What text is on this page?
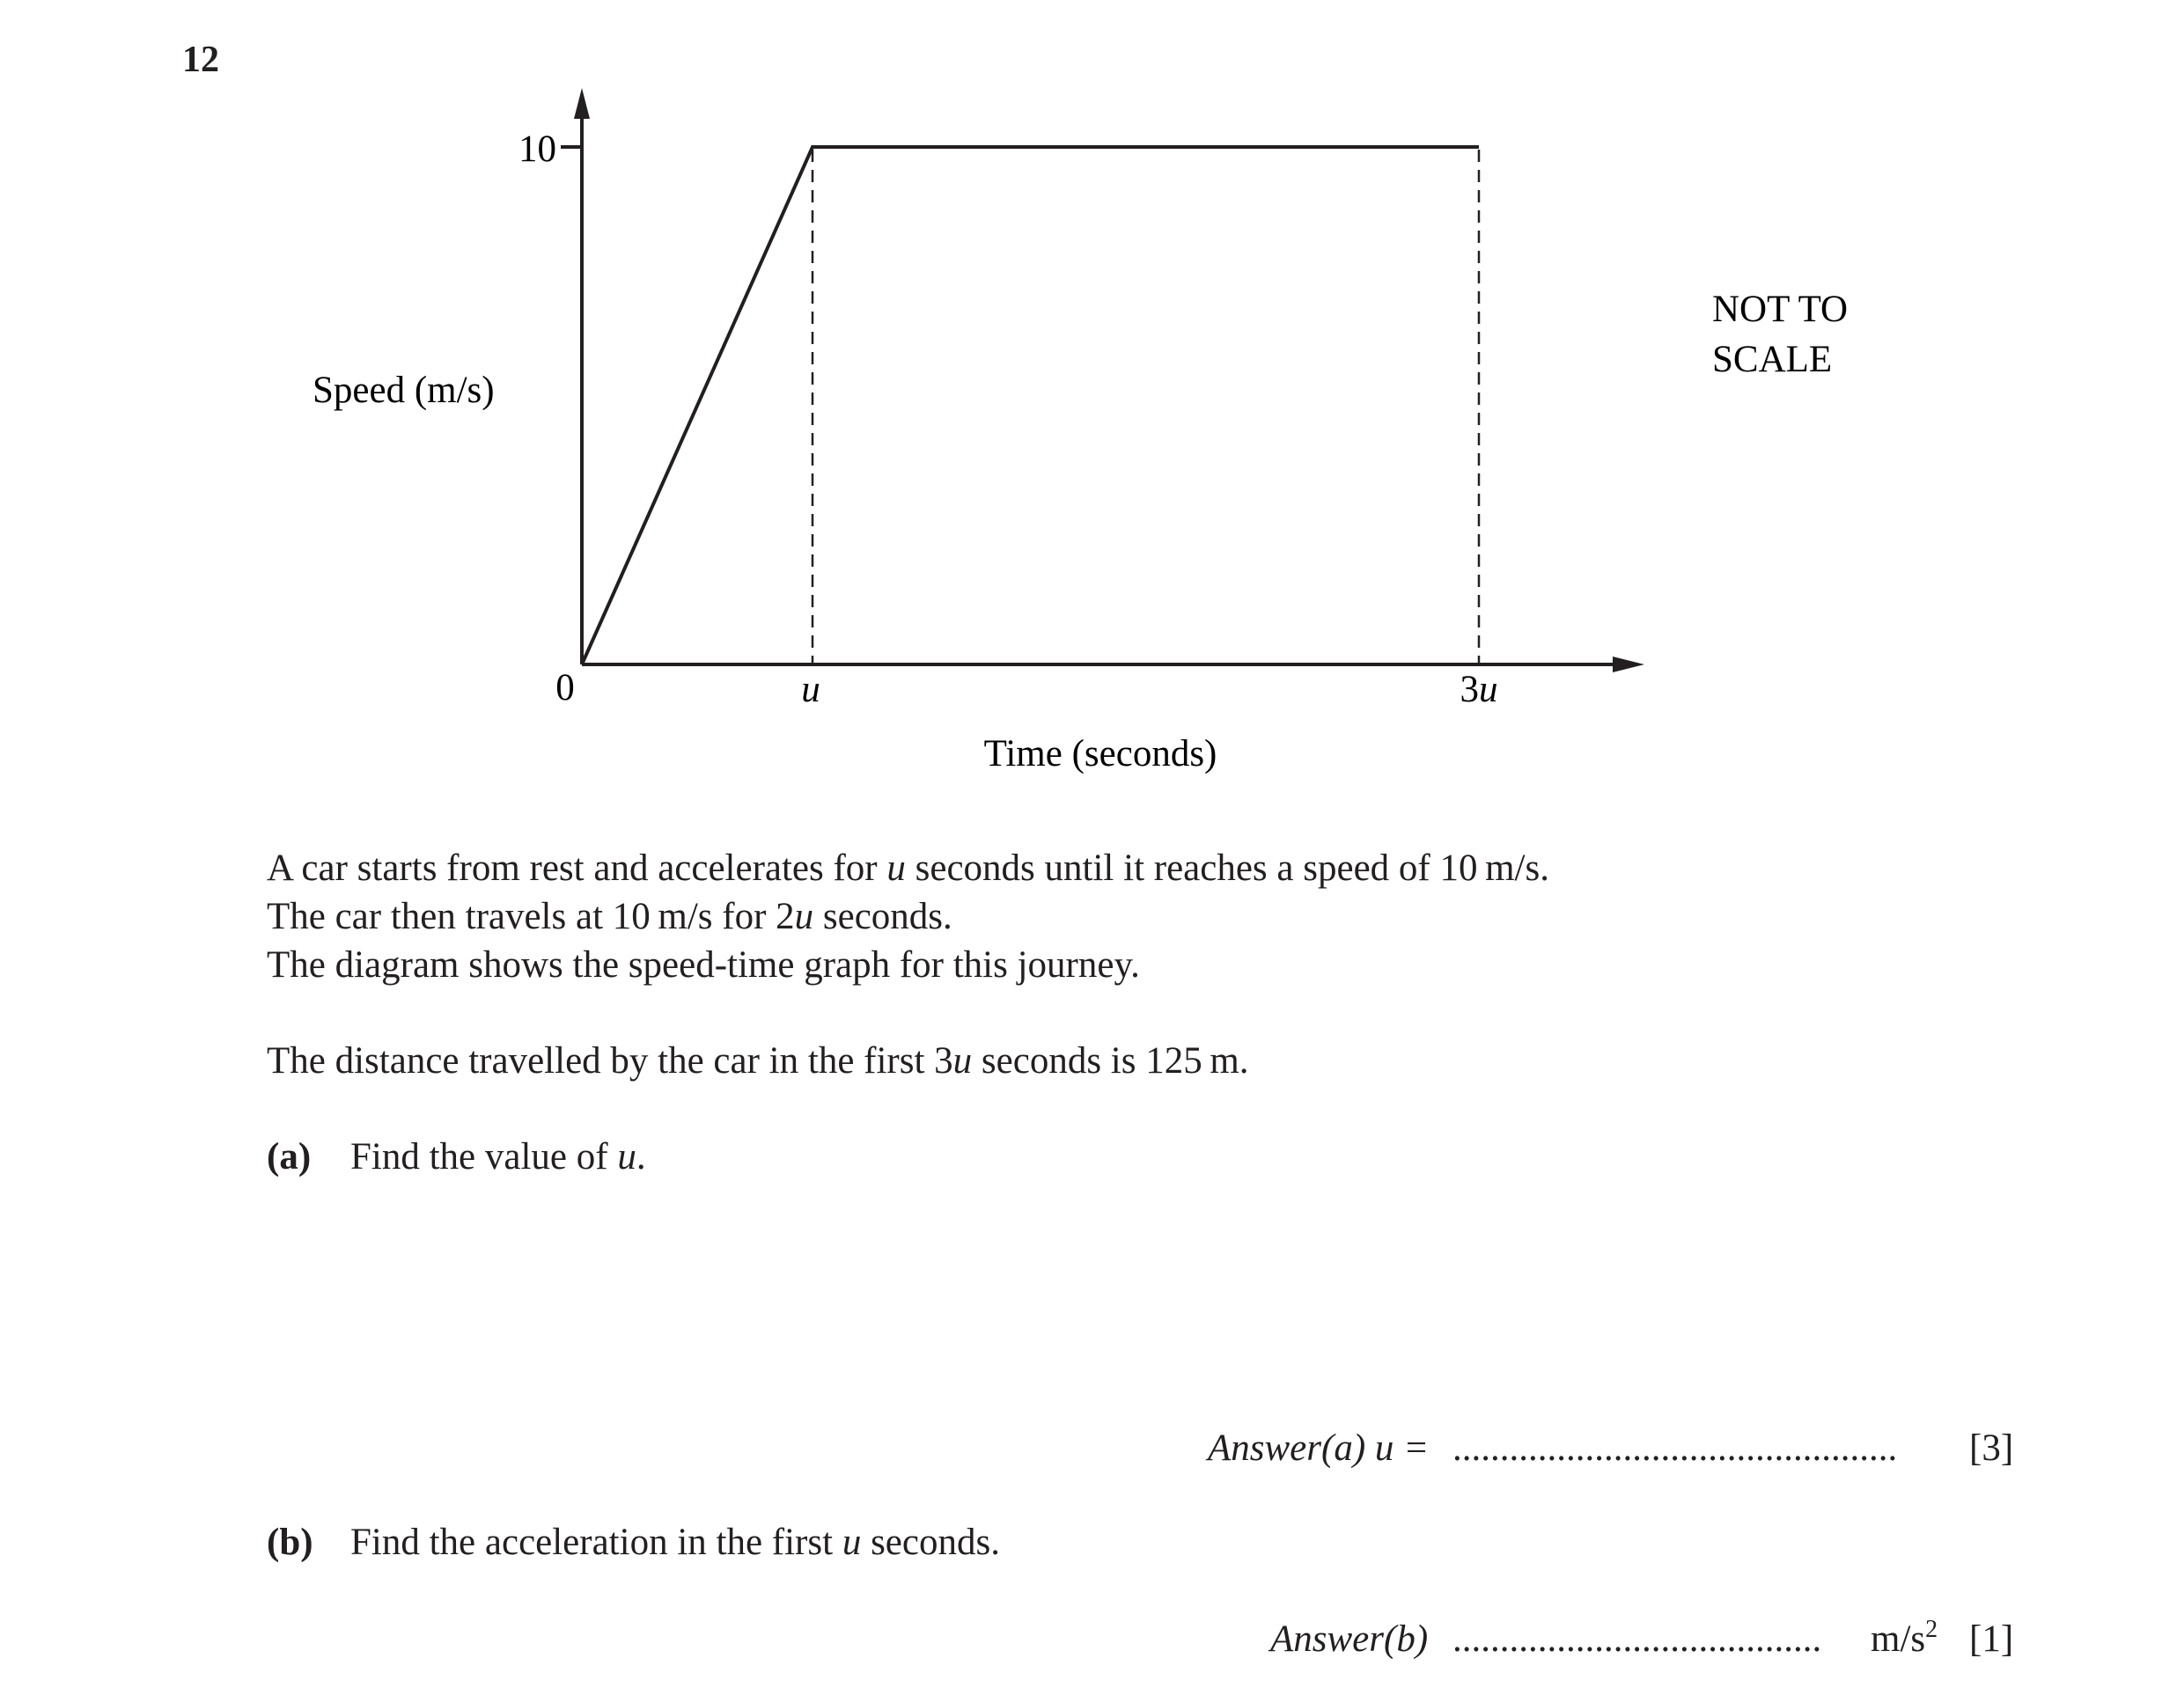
12
10
0	u	3u
Speed (m/s)
Time (seconds)
NOT TO
SCALE
A car starts from rest and accelerates for u seconds until it reaches a speed of 10 m/s.
The car then travels at 10 m/s for 2u seconds.
The diagram shows the speed-time graph for this journey.
The distance travelled by the car in the first 3u seconds is 125 m.
(a) Find the value of u.
Answer(a) u = ............................................... [3]
(b) Find the acceleration in the first u seconds.
Answer(b) ....................................... $m/s^2$ [1]
